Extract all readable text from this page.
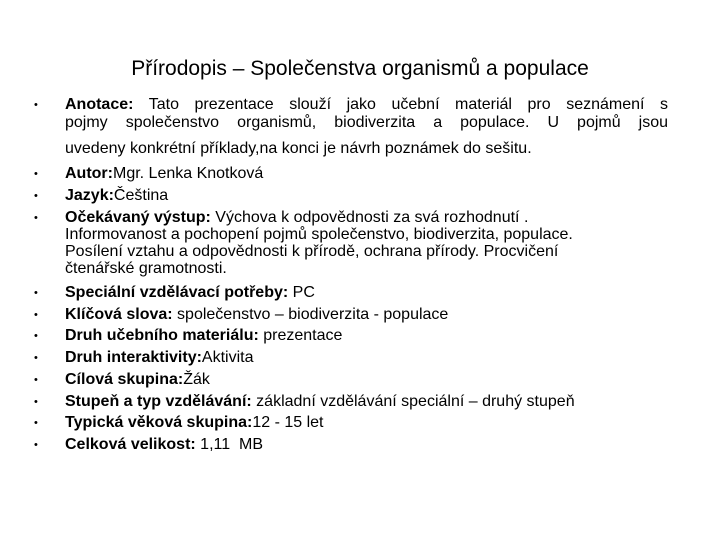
Přírodopis – Společenstva organismů a populace
• Anotace: Tato prezentace slouží jako učební materiál pro seznámení s
pojmy společenstvo organismů, biodiverzita a populace. U pojmů jsou
uvedeny konkrétní příklady,na konci je návrh poznámek do sešitu.
• Autor:Mgr. Lenka Knotková
• Jazyk:Čeština
• Očekávaný výstup: Výchova k odpovědnosti za svá rozhodnutí .
Informovanost a pochopení pojmů společenstvo, biodiverzita, populace.
Posílení vztahu a odpovědnosti k přírodě, ochrana přírody. Procvičení
čtenářské gramotnosti.
• Speciální vzdělávací potřeby: PC
• Klíčová slova: společenstvo – biodiverzita - populace
• Druh učebního materiálu: prezentace
• Druh interaktivity:Aktivita
• Cílová skupina:Žák
• Stupeň a typ vzdělávání: základní vzdělávání speciální – druhý stupeň
• Typická věková skupina:12 - 15 let
• Celková velikost: 1,11  MB
